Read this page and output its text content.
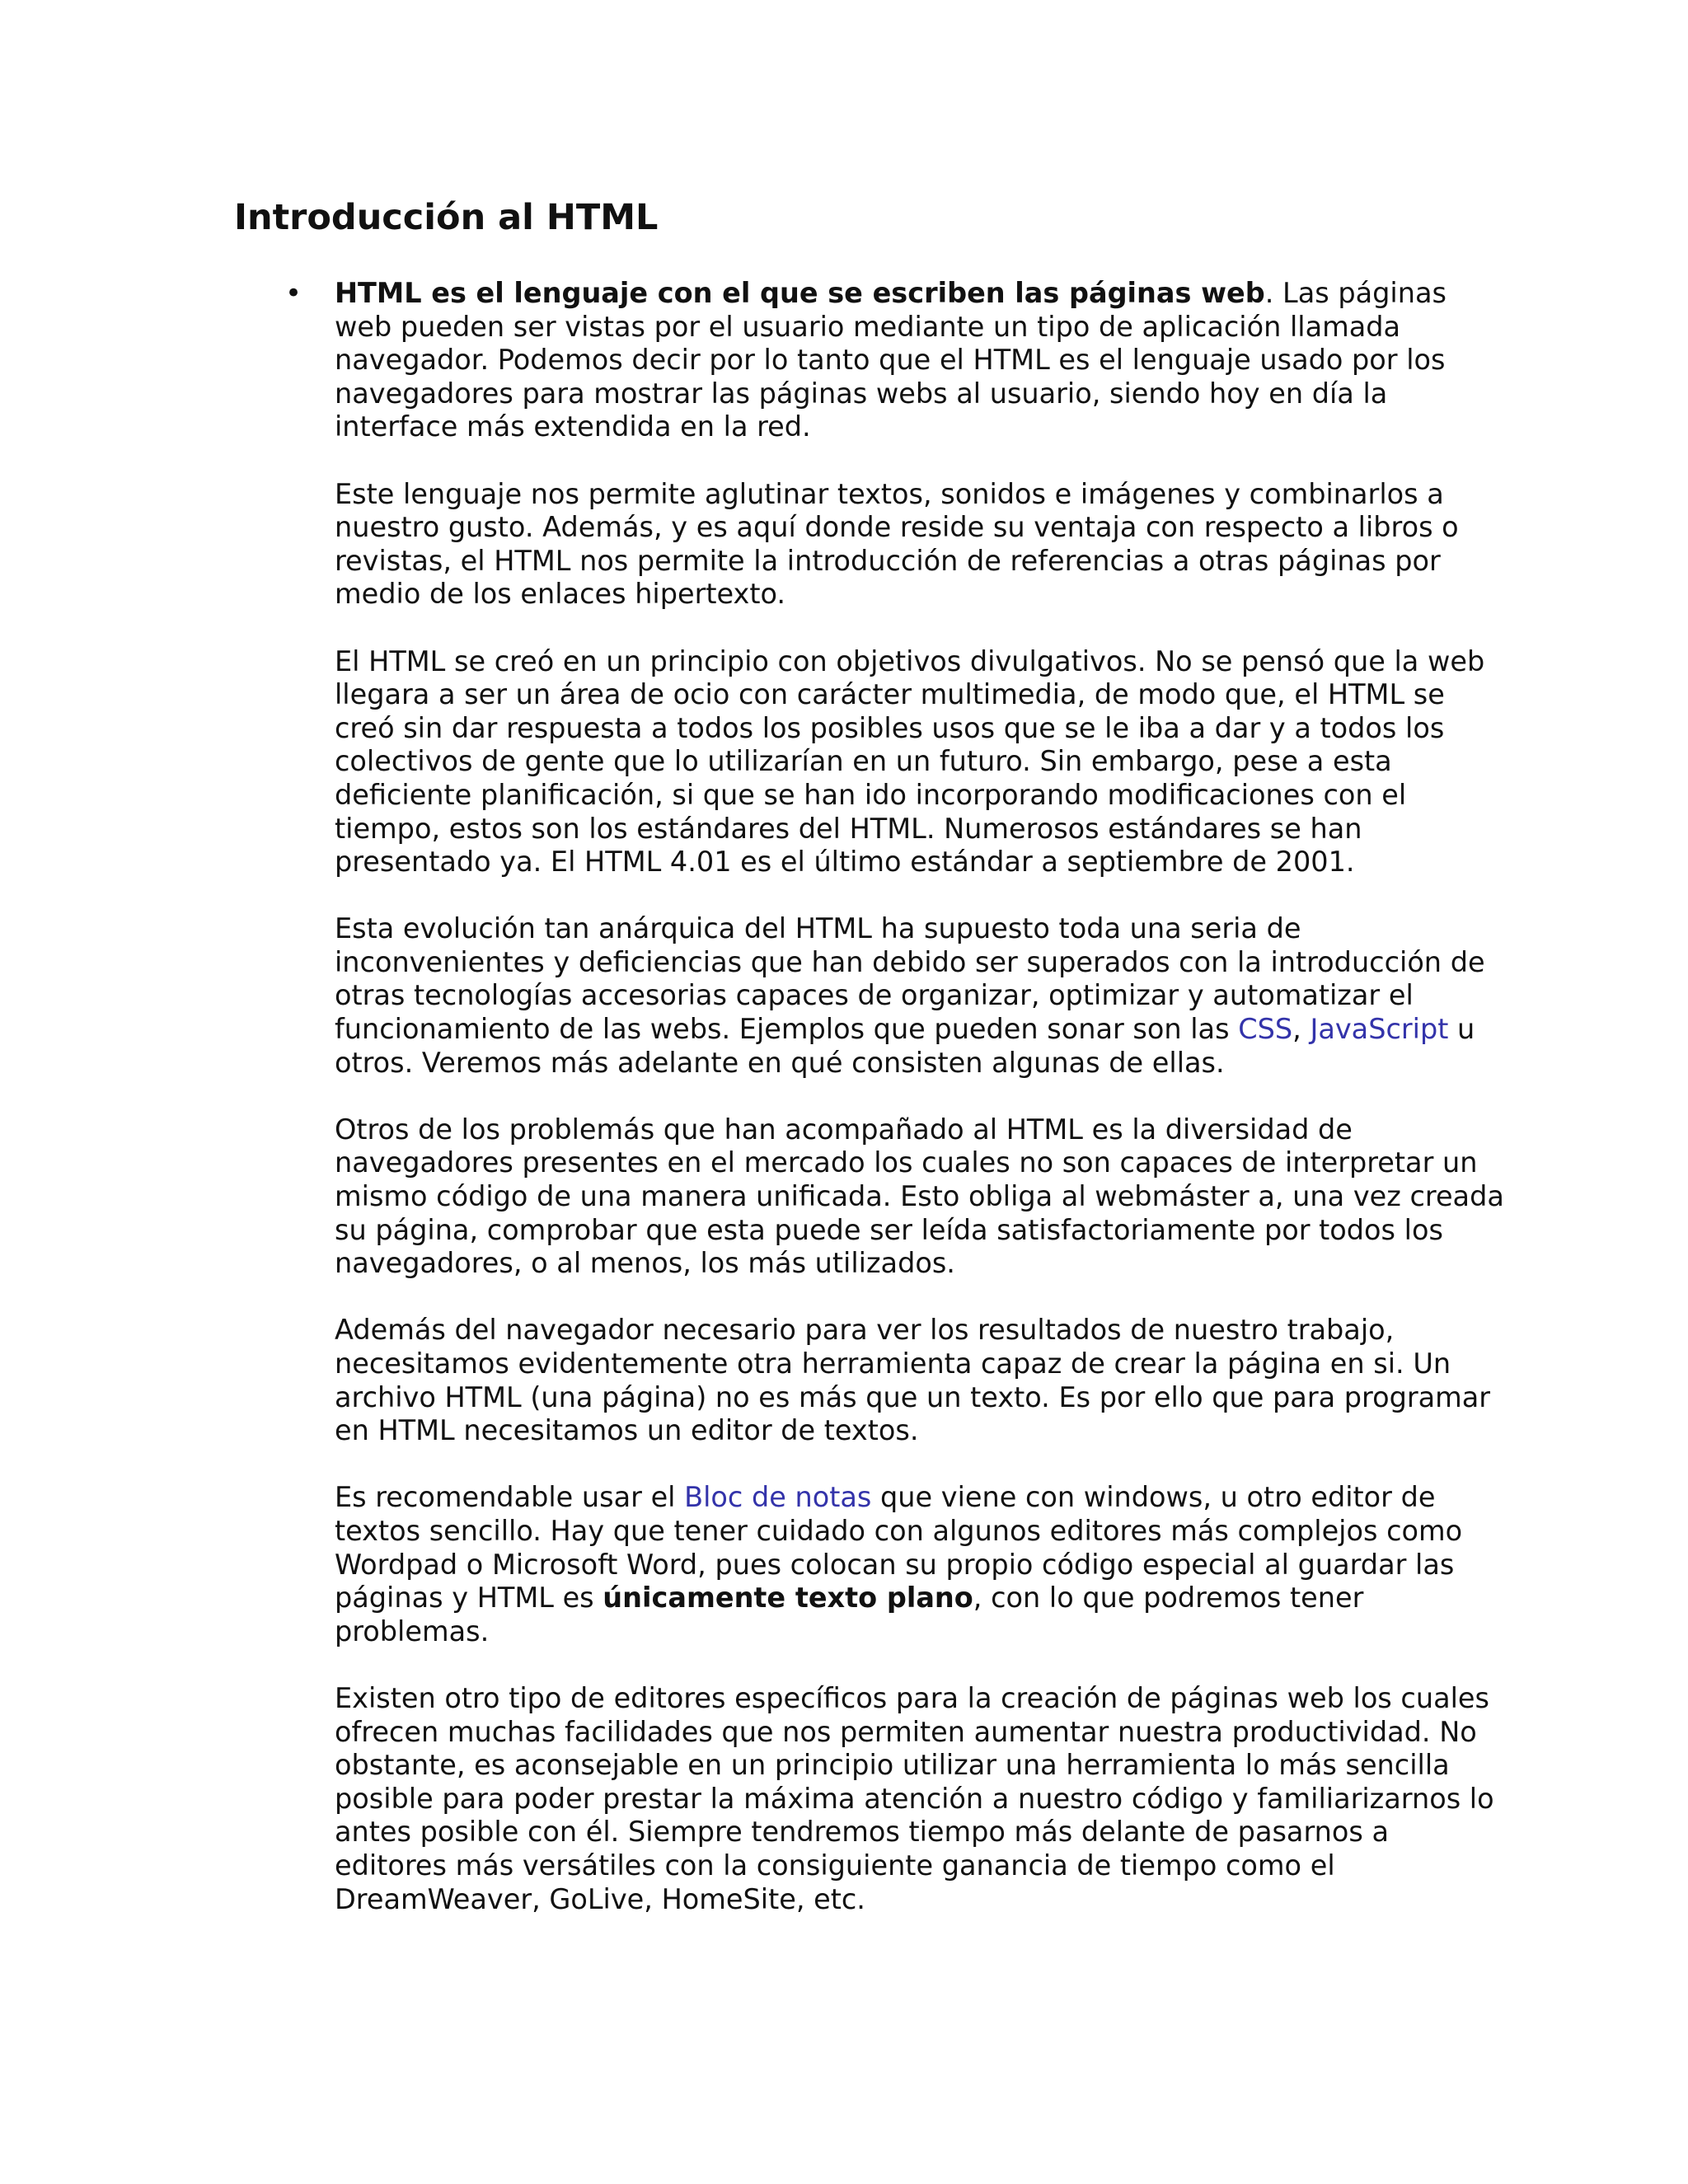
Introducción al HTML
• HTML es el lenguaje con el que se escriben las páginas web. Las páginas web pueden ser vistas por el usuario mediante un tipo de aplicación llamada navegador. Podemos decir por lo tanto que el HTML es el lenguaje usado por los navegadores para mostrar las páginas webs al usuario, siendo hoy en día la interface más extendida en la red.

Este lenguaje nos permite aglutinar textos, sonidos e imágenes y combinarlos a nuestro gusto. Además, y es aquí donde reside su ventaja con respecto a libros o revistas, el HTML nos permite la introducción de referencias a otras páginas por medio de los enlaces hipertexto.

El HTML se creó en un principio con objetivos divulgativos. No se pensó que la web llegara a ser un área de ocio con carácter multimedia, de modo que, el HTML se creó sin dar respuesta a todos los posibles usos que se le iba a dar y a todos los colectivos de gente que lo utilizarían en un futuro. Sin embargo, pese a esta deficiente planificación, si que se han ido incorporando modificaciones con el tiempo, estos son los estándares del HTML. Numerosos estándares se han presentado ya. El HTML 4.01 es el último estándar a septiembre de 2001.

Esta evolución tan anárquica del HTML ha supuesto toda una seria de inconvenientes y deficiencias que han debido ser superados con la introducción de otras tecnologías accesorias capaces de organizar, optimizar y automatizar el funcionamiento de las webs. Ejemplos que pueden sonar son las CSS, JavaScript u otros. Veremos más adelante en qué consisten algunas de ellas.

Otros de los problemás que han acompañado al HTML es la diversidad de navegadores presentes en el mercado los cuales no son capaces de interpretar un mismo código de una manera unificada. Esto obliga al webmáster a, una vez creada su página, comprobar que esta puede ser leída satisfactoriamente por todos los navegadores, o al menos, los más utilizados.

Además del navegador necesario para ver los resultados de nuestro trabajo, necesitamos evidentemente otra herramienta capaz de crear la página en si. Un archivo HTML (una página) no es más que un texto. Es por ello que para programar en HTML necesitamos un editor de textos.

Es recomendable usar el Bloc de notas que viene con windows, u otro editor de textos sencillo. Hay que tener cuidado con algunos editores más complejos como Wordpad o Microsoft Word, pues colocan su propio código especial al guardar las páginas y HTML es únicamente texto plano, con lo que podremos tener problemas.

Existen otro tipo de editores específicos para la creación de páginas web los cuales ofrecen muchas facilidades que nos permiten aumentar nuestra productividad. No obstante, es aconsejable en un principio utilizar una herramienta lo más sencilla posible para poder prestar la máxima atención a nuestro código y familiarizarnos lo antes posible con él. Siempre tendremos tiempo más delante de pasarnos a editores más versátiles con la consiguiente ganancia de tiempo como el DreamWeaver, GoLive, HomeSite, etc.
